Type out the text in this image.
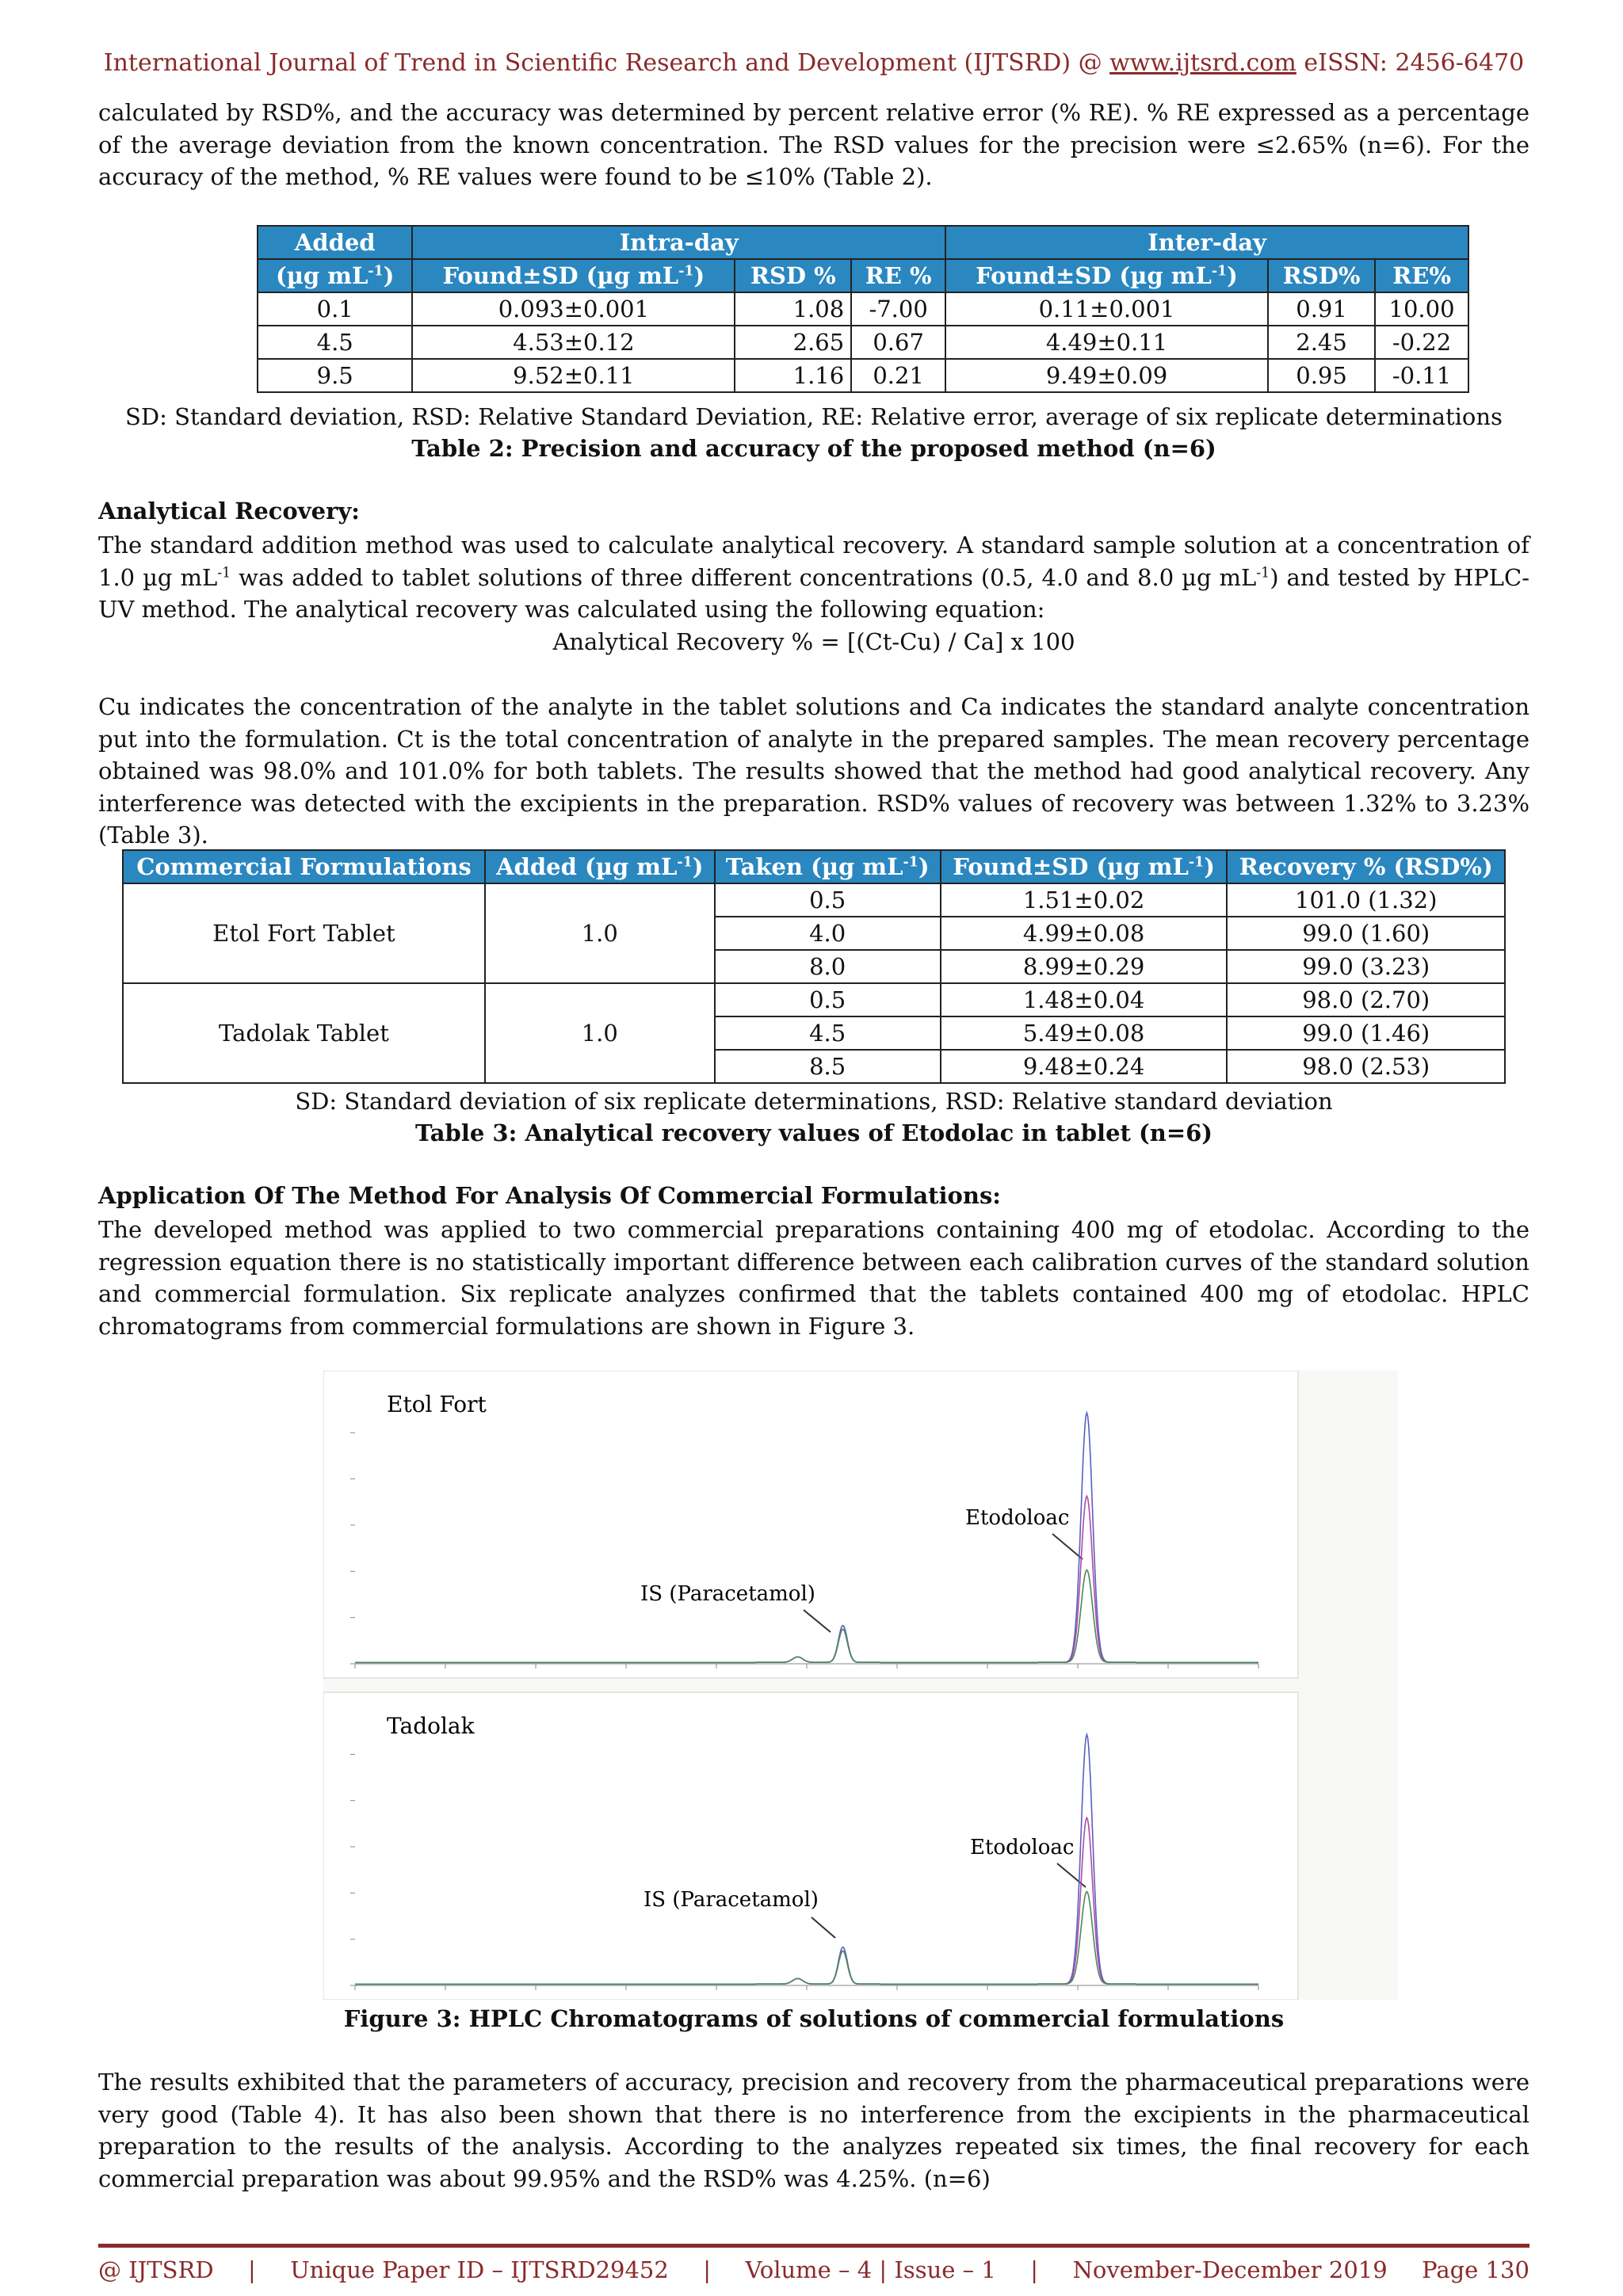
International Journal of Trend in Scientific Research and Development (IJTSRD) @ www.ijtsrd.com eISSN: 2456-6470

calculated by RSD%, and the accuracy was determined by percent relative error (% RE). % RE expressed as a percentage of the average deviation from the known concentration. The RSD values for the precision were ≤2.65% (n=6). For the accuracy of the method, % RE values were found to be ≤10% (Table 2).

Added	Intra-day			Inter-day		
(µg $mL^{-1}$)	Found±SD (µg $mL^{-1}$)	RSD %	RE %	Found±SD (µg $mL^{-1}$)	RSD%	RE%
0.1	0.093±0.001	1.08	-7.00	0.11±0.001	0.91	10.00
4.5	4.53±0.12	2.65	0.67	4.49±0.11	2.45	-0.22
9.5	9.52±0.11	1.16	0.21	9.49±0.09	0.95	-0.11
SD: Standard deviation, RSD: Relative Standard Deviation, RE: Relative error, average of six replicate determinations
Table 2: Precision and accuracy of the proposed method (n=6)
Analytical Recovery:

The standard addition method was used to calculate analytical recovery. A standard sample solution at a concentration of 1.0 µg $mL^{-1}$ was added to tablet solutions of three different concentrations (0.5, 4.0 and 8.0 µg $mL^{-1}$) and tested by HPLC-UV method. The analytical recovery was calculated using the following equation:

Analytical Recovery % = [(Ct-Cu) / Ca] x 100

Cu indicates the concentration of the analyte in the tablet solutions and Ca indicates the standard analyte concentration put into the formulation. Ct is the total concentration of analyte in the prepared samples. The mean recovery percentage obtained was 98.0% and 101.0% for both tablets. The results showed that the method had good analytical recovery. Any interference was detected with the excipients in the preparation. RSD% values of recovery was between 1.32% to 3.23% (Table 3).

Commercial Formulations	Added (µg $mL^{-1}$)	Taken (µg $mL^{-1}$)	Found±SD (µg $mL^{-1}$)	Recovery % (RSD%)
Etol Fort Tablet	1.0	0.5	1.51±0.02	101.0 (1.32)
		4.0	4.99±0.08	99.0 (1.60)
		8.0	8.99±0.29	99.0 (3.23)
Tadolak Tablet	1.0	0.5	1.48±0.04	98.0 (2.70)
		4.5	5.49±0.08	99.0 (1.46)
		8.5	9.48±0.24	98.0 (2.53)
SD: Standard deviation of six replicate determinations, RSD: Relative standard deviation
Table 3: Analytical recovery values of Etodolac in tablet (n=6)
Application Of The Method For Analysis Of Commercial Formulations:

The developed method was applied to two commercial preparations containing 400 mg of etodolac. According to the regression equation there is no statistically important difference between each calibration curves of the standard solution and commercial formulation. Six replicate analyzes confirmed that the tablets contained 400 mg of etodolac. HPLC chromatograms from commercial formulations are shown in Figure 3.

Etol Fort
IS (Paracetamol)
Etodoloac
Tadolak
IS (Paracetamol)
Etodoloac
Figure 3: HPLC Chromatograms of solutions of commercial formulations

The results exhibited that the parameters of accuracy, precision and recovery from the pharmaceutical preparations were very good (Table 4). It has also been shown that there is no interference from the excipients in the pharmaceutical preparation to the results of the analysis. According to the analyzes repeated six times, the final recovery for each commercial preparation was about 99.95% and the RSD% was 4.25%. (n=6)

@ IJTSRD | Unique Paper ID – IJTSRD29452 | Volume – 4 | Issue – 1 | November-December 2019 Page 130
